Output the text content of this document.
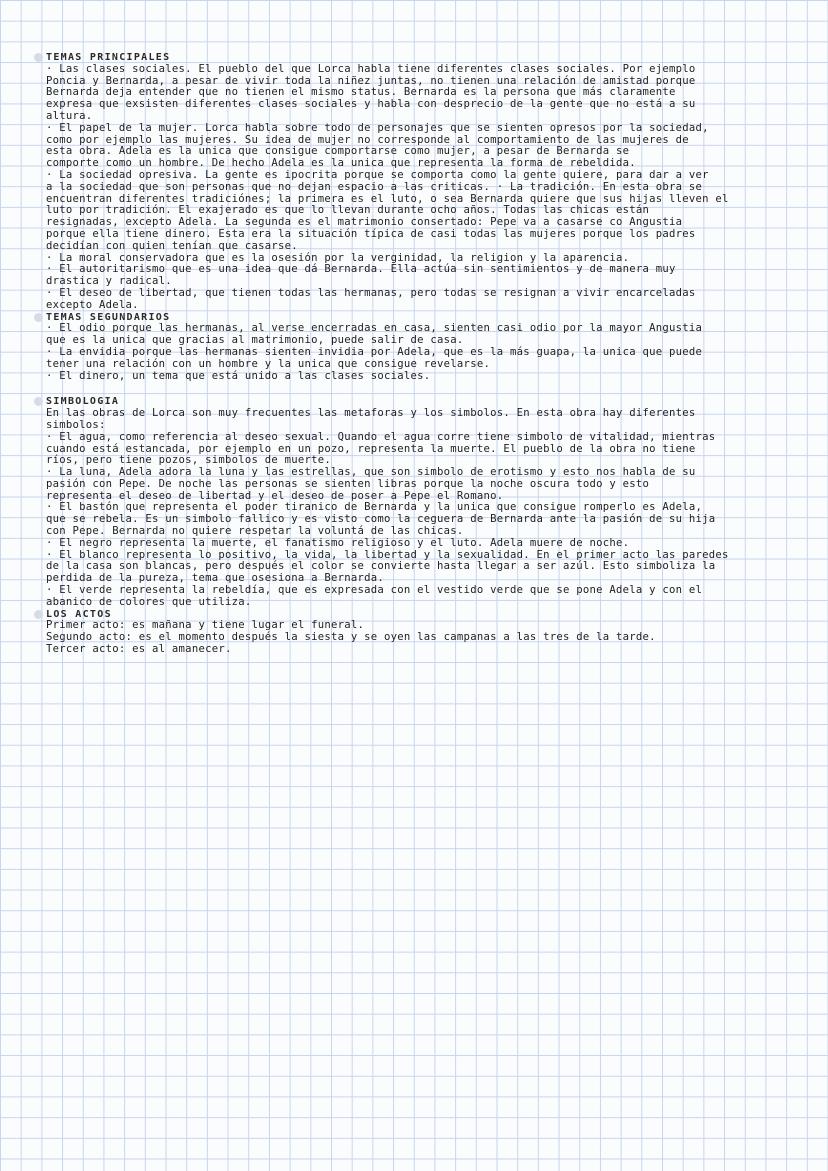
TEMAS PRINCIPALES
· Las clases sociales. El pueblo del que Lorca habla tiene diferentes clases sociales. Por ejemplo
Poncia y Bernarda, a pesar de vivir toda la niñez juntas, no tienen una relación de amistad porque
Bernarda deja entender que no tienen el mismo status. Bernarda es la persona que más claramente
expresa que exsisten diferentes clases sociales y habla con desprecio de la gente que no está a su
altura.
· El papel de la mujer. Lorca habla sobre todo de personajes que se sienten opresos por la sociedad,
como por ejemplo las mujeres. Su idea de mujer no corresponde al comportamiento de las mujeres de
esta obra. Adela es la unica que consigue comportarse como mujer, a pesar de Bernarda se
comporte como un hombre. De hecho Adela es la unica que representa la forma de rebeldida.
· La sociedad opresiva. La gente es ipocrita porque se comporta como la gente quiere, para dar a ver
a la sociedad que son personas que no dejan espacio a las criticas. · La tradición. En esta obra se
encuentran diferentes tradiciónes; la primera es el luto, o sea Bernarda quiere que sus hijas lleven el
luto por tradición. El exajerado es que lo llevan durante ocho años. Todas las chicas están
resignadas, excepto Adela. La segunda es el matrimonio consertado: Pepe va a casarse co Angustia
porque ella tiene dinero. Esta era la situación típica de casi todas las mujeres porque los padres
decidían con quien tenían que casarse.
· La moral conservadora que es la osesión por la verginidad, la religion y la aparencia.
· El autoritarismo que es una idea que dá Bernarda. Ella actúa sin sentimientos y de manera muy
drastica y radical.
· El deseo de libertad, que tienen todas las hermanas, pero todas se resignan a vivir encarceladas
excepto Adela.
TEMAS SEGUNDARIOS
· El odio porque las hermanas, al verse encerradas en casa, sienten casi odio por la mayor Angustia
que es la unica que gracias al matrimonio, puede salir de casa.
· La envidia porque las hermanas sienten invidia por Adela, que es la más guapa, la unica que puede
tener una relación con un hombre y la unica que consigue revelarse.
· El dinero, un tema que está unido a las clases sociales.
SIMBOLOGIA
En las obras de Lorca son muy frecuentes las metaforas y los simbolos. En esta obra hay diferentes
simbolos:
· El agua, como referencia al deseo sexual. Quando el agua corre tiene simbolo de vitalidad, mientras
cuando está estancada, por ejemplo en un pozo, representa la muerte. El pueblo de la obra no tiene
ríos, pero tiene pozos, simbolos de muerte.
· La luna, Adela adora la luna y las estrellas, que son simbolo de erotismo y esto nos habla de su
pasión con Pepe. De noche las personas se sienten libras porque la noche oscura todo y esto
representa el deseo de libertad y el deseo de poser a Pepe el Romano.
· El bastón que representa el poder tiranico de Bernarda y la unica que consigue romperlo es Adela,
que se rebela. Es un simbolo fallico y es visto como la ceguera de Bernarda ante la pasión de su hija
con Pepe. Bernarda no quiere respetar la voluntá de las chicas.
· El negro representa la muerte, el fanatismo religioso y el luto. Adela muere de noche.
· El blanco representa lo positivo, la vida, la libertad y la sexualidad. En el primer acto las paredes
de la casa son blancas, pero después el color se convierte hasta llegar a ser azúl. Esto simboliza la
perdida de la pureza, tema que osesiona a Bernarda.
· El verde representa la rebeldía, que es expresada con el vestido verde que se pone Adela y con el
abanico de colores que utiliza.
LOS ACTOS
Primer acto: es mañana y tiene lugar el funeral.
Segundo acto: es el momento después la siesta y se oyen las campanas a las tres de la tarde.
Tercer acto: es al amanecer.
